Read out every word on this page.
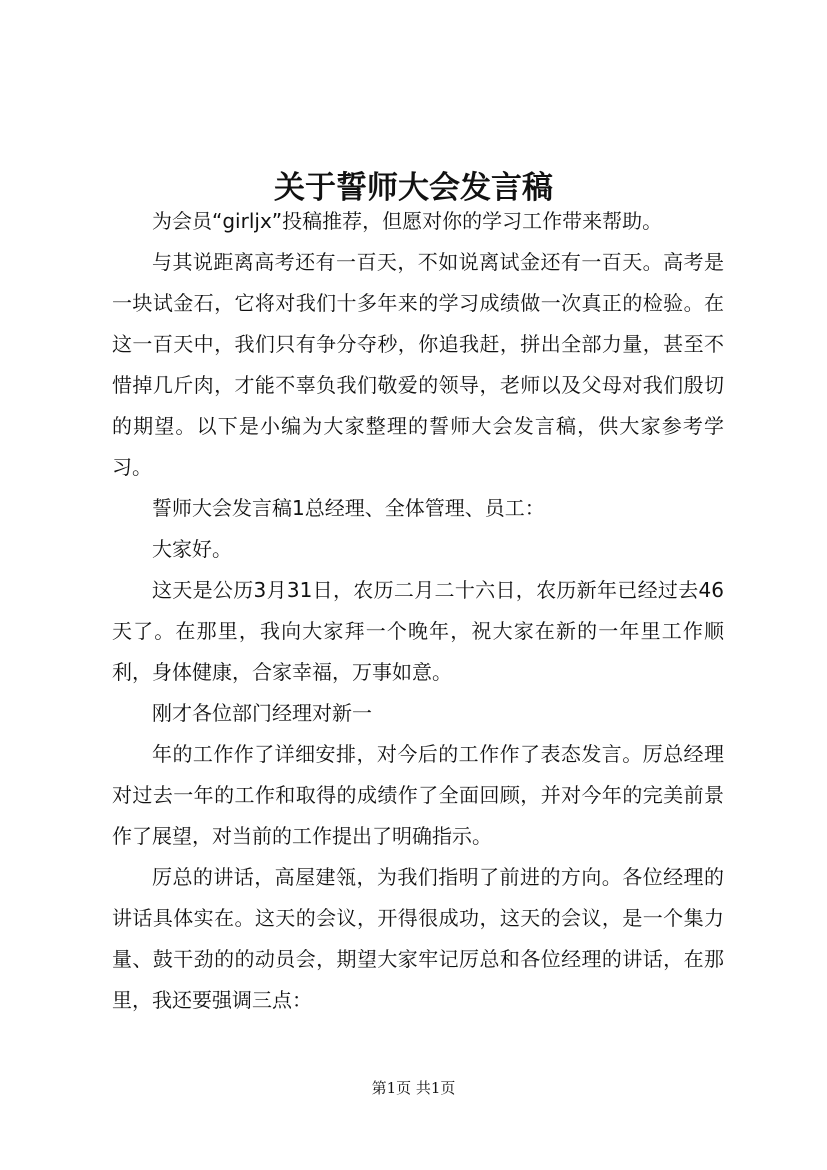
关于誓师大会发言稿

为会员“girljx”投稿推荐，但愿对你的学习工作带来帮助。

与其说距离高考还有一百天，不如说离试金还有一百天。高考是一块试金石，它将对我们十多年来的学习成绩做一次真正的检验。在这一百天中，我们只有争分夺秒，你追我赶，拼出全部力量，甚至不惜掉几斤肉，才能不辜负我们敬爱的领导，老师以及父母对我们殷切的期望。以下是小编为大家整理的誓师大会发言稿，供大家参考学习。

誓师大会发言稿1总经理、全体管理、员工：

大家好。

这天是公历3月31日，农历二月二十六日，农历新年已经过去46天了。在那里，我向大家拜一个晚年，祝大家在新的一年里工作顺利，身体健康，合家幸福，万事如意。

刚才各位部门经理对新一

年的工作作了详细安排，对今后的工作作了表态发言。厉总经理对过去一年的工作和取得的成绩作了全面回顾，并对今年的完美前景作了展望，对当前的工作提出了明确指示。

厉总的讲话，高屋建瓴，为我们指明了前进的方向。各位经理的讲话具体实在。这天的会议，开得很成功，这天的会议，是一个集力量、鼓干劲的的动员会，期望大家牢记厉总和各位经理的讲话，在那里，我还要强调三点：

第1页 共1页
